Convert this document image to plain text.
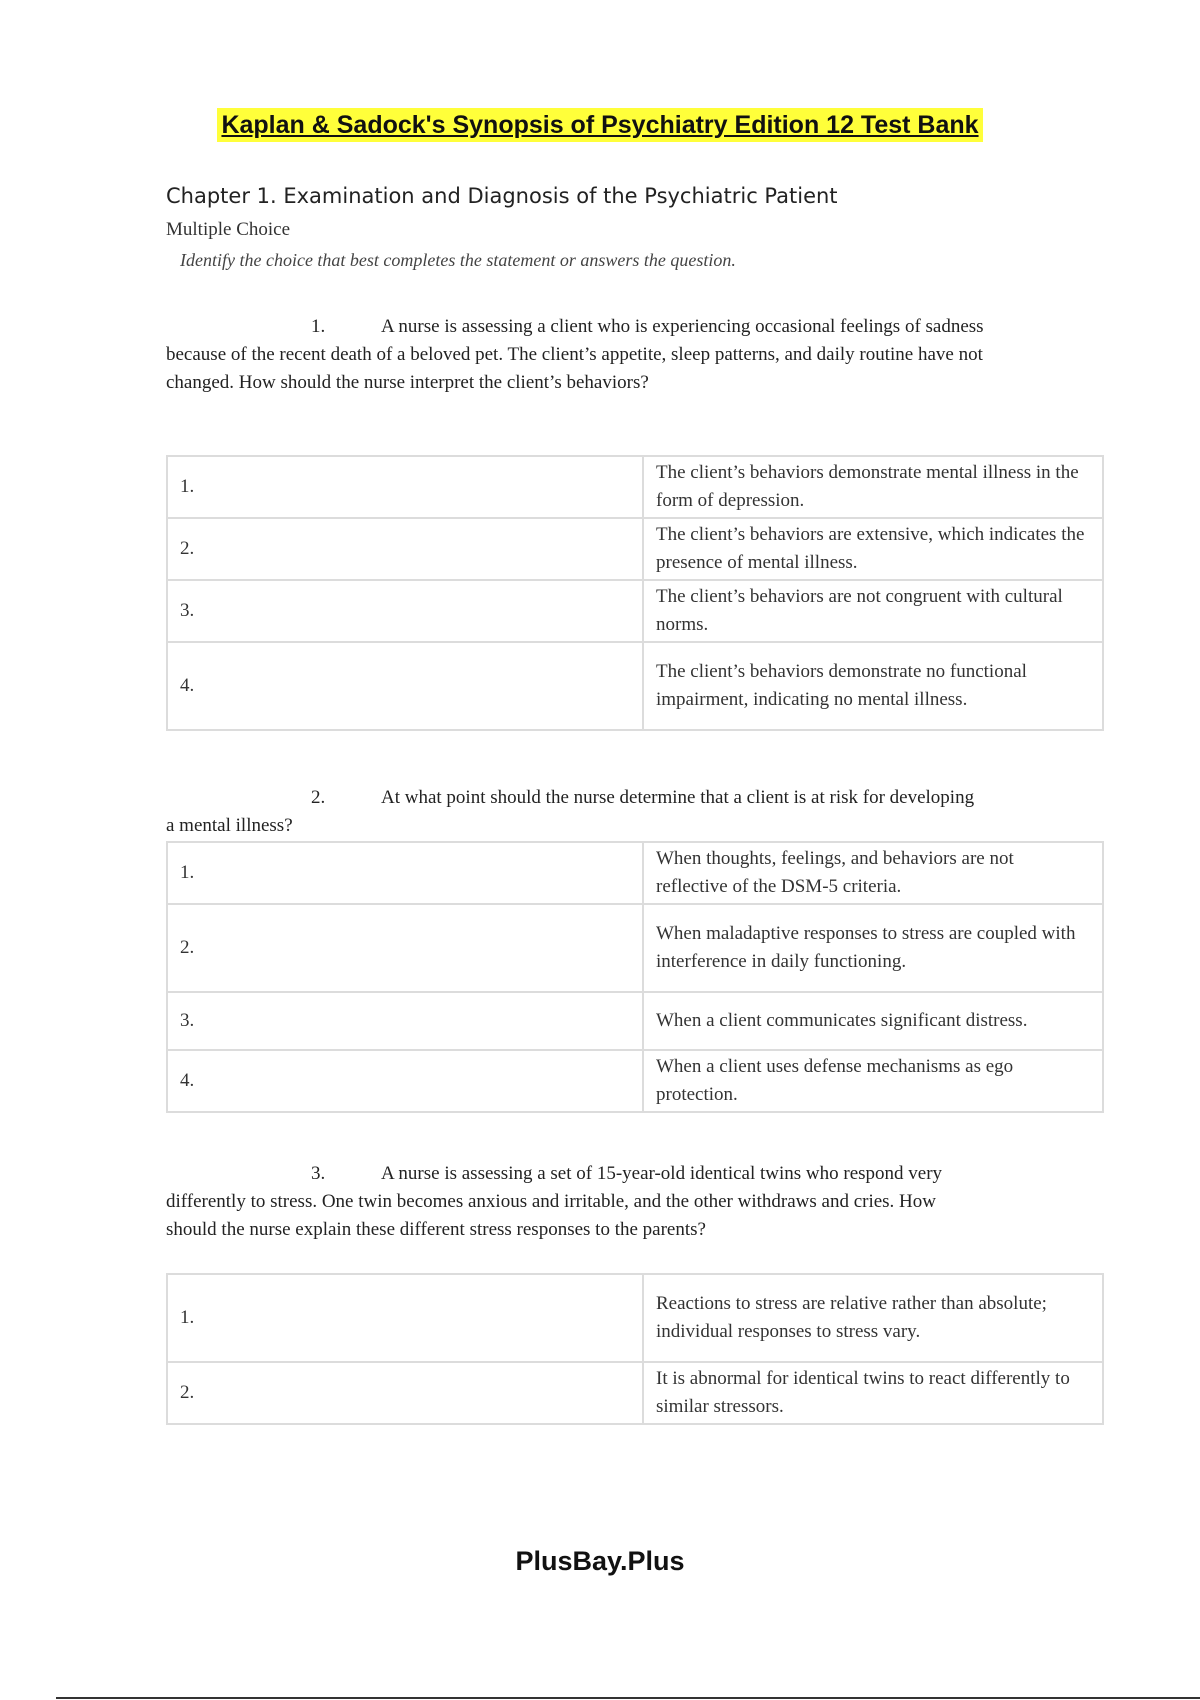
Kaplan & Sadock's Synopsis of Psychiatry Edition 12 Test Bank
Chapter 1. Examination and Diagnosis of the Psychiatric Patient
Multiple Choice
Identify the choice that best completes the statement or answers the question.
1.	A nurse is assessing a client who is experiencing occasional feelings of sadness because of the recent death of a beloved pet. The client’s appetite, sleep patterns, and daily routine have not changed. How should the nurse interpret the client’s behaviors?
1.	The client’s behaviors demonstrate mental illness in the form of depression.
2.	The client’s behaviors are extensive, which indicates the presence of mental illness.
3.	The client’s behaviors are not congruent with cultural norms.
4.	The client’s behaviors demonstrate no functional impairment, indicating no mental illness.
2.	At what point should the nurse determine that a client is at risk for developing a mental illness?
1.	When thoughts, feelings, and behaviors are not reflective of the DSM-5 criteria.
2.	When maladaptive responses to stress are coupled with interference in daily functioning.
3.	When a client communicates significant distress.
4.	When a client uses defense mechanisms as ego protection.
3.	A nurse is assessing a set of 15-year-old identical twins who respond very differently to stress. One twin becomes anxious and irritable, and the other withdraws and cries. How should the nurse explain these different stress responses to the parents?
1.	Reactions to stress are relative rather than absolute; individual responses to stress vary.
2.	It is abnormal for identical twins to react differently to similar stressors.
PlusBay.Plus
